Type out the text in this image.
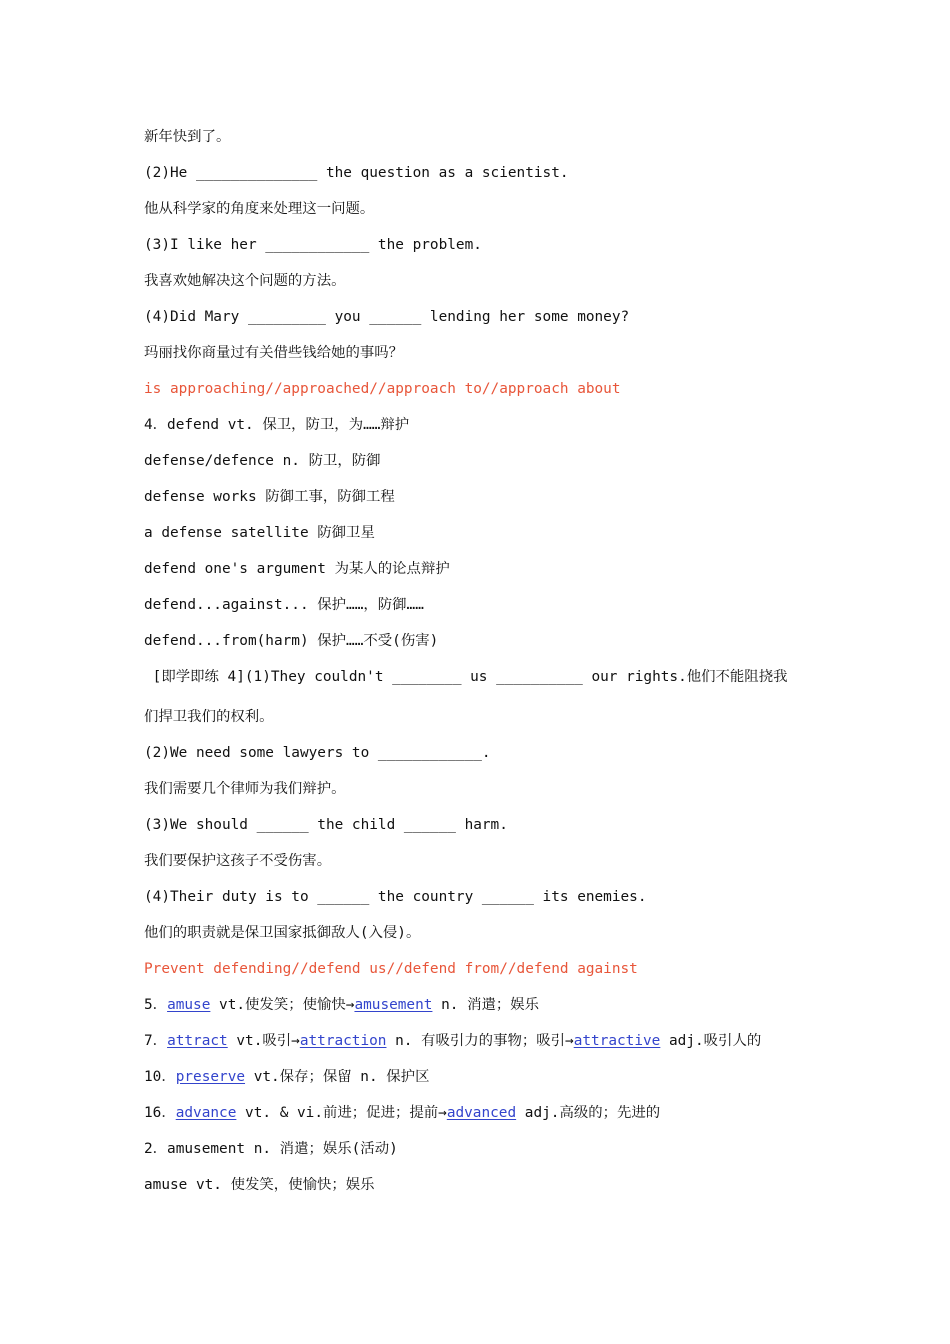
新年快到了。
(2)He ______________ the question as a scientist.
他从科学家的角度来处理这一问题。
(3)I like her ____________ the problem.
我喜欢她解决这个问题的方法。
(4)Did Mary _________ you ______ lending her some money?
玛丽找你商量过有关借些钱给她的事吗？
is approaching//approached//approach to//approach about
4．defend vt. 保卫，防卫，为……辩护
defense/defence n. 防卫，防御
defense works 防御工事，防御工程
a defense satellite 防御卫星
defend one's argument 为某人的论点辩护
defend...against... 保护……，防御……
defend...from(harm) 保护……不受(伤害)
[即学即练 4](1)They couldn't ________ us __________ our rights.他们不能阻挠我
们捍卫我们的权利。
(2)We need some lawyers to ____________.
我们需要几个律师为我们辩护。
(3)We should ______ the child ______ harm.
我们要保护这孩子不受伤害。
(4)Their duty is to ______ the country ______ its enemies.
他们的职责就是保卫国家抵御敌人(入侵)。
Prevent defending//defend us//defend from//defend against
5．amuse vt.使发笑；使愉快→amusement n. 消遣；娱乐
7．attract vt.吸引→attraction n. 有吸引力的事物；吸引→attractive adj.吸引人的
10．preserve vt.保存；保留 n. 保护区
16．advance vt. & vi.前进；促进；提前→advanced adj.高级的；先进的
2．amusement n. 消遣；娱乐(活动)
amuse vt. 使发笑，使愉快；娱乐
